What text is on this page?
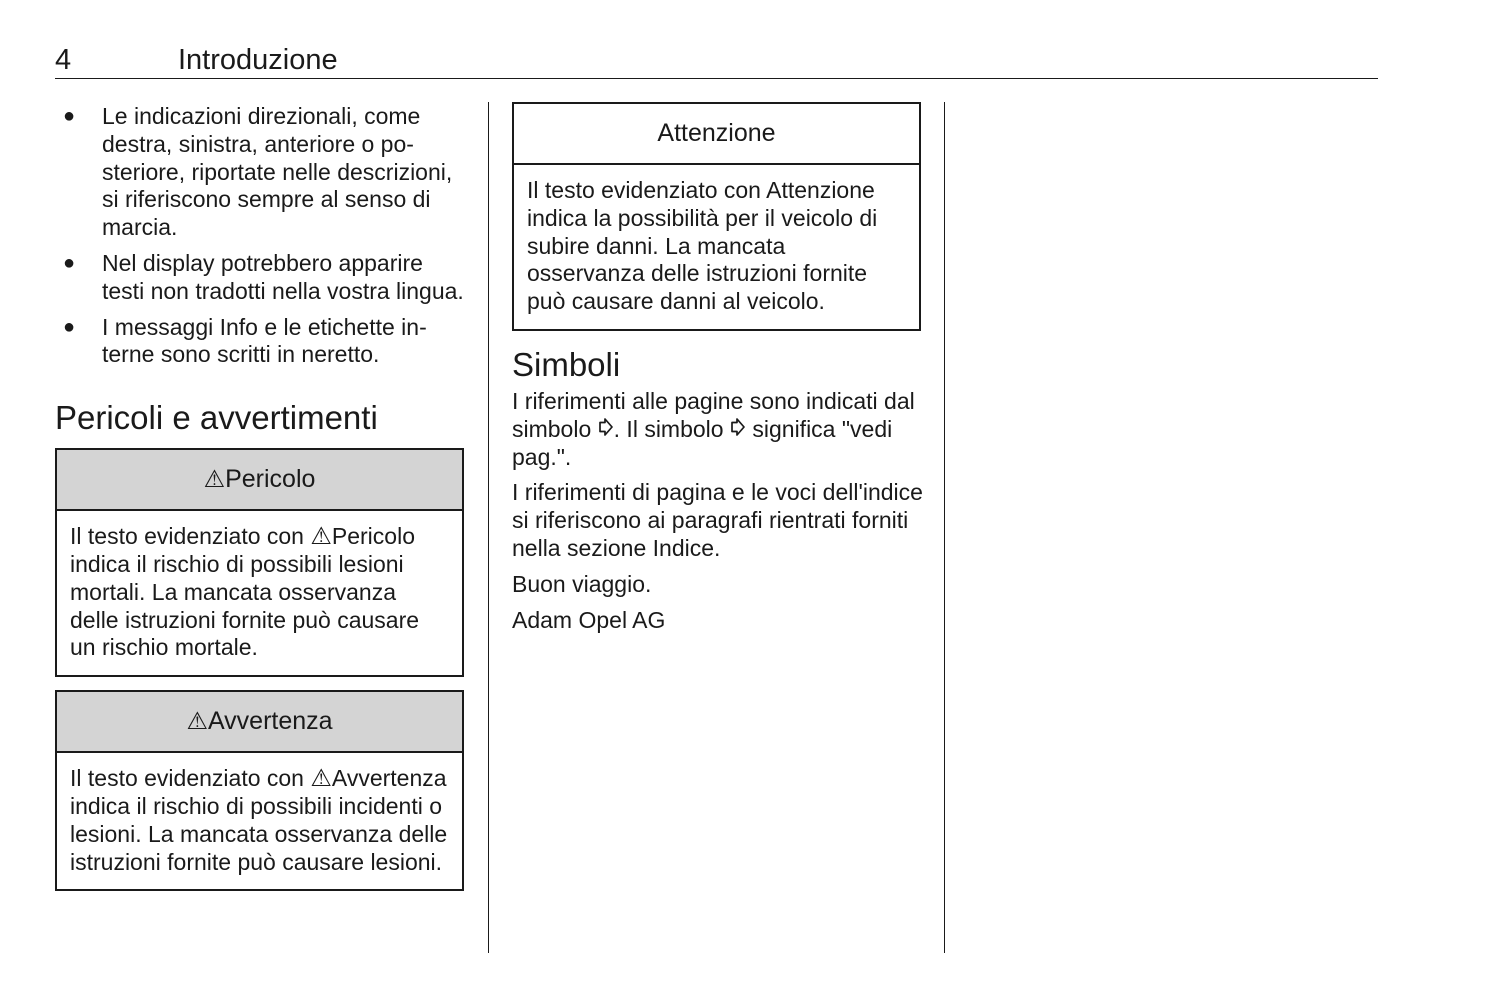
4	Introduzione
● Le indicazioni direzionali, come destra, sinistra, anteriore o posteriore, riportate nelle descrizioni, si riferiscono sempre al senso di marcia.
● Nel display potrebbero apparire testi non tradotti nella vostra lingua.
● I messaggi Info e le etichette interne sono scritti in neretto.
Pericoli e avvertimenti
⚠Pericolo
Il testo evidenziato con ⚠Pericolo indica il rischio di possibili lesioni mortali. La mancata osservanza delle istruzioni fornite può causare un rischio mortale.
⚠Avvertenza
Il testo evidenziato con ⚠Avvertenza indica il rischio di possibili incidenti o lesioni. La mancata osservanza delle istruzioni fornite può causare lesioni.
Attenzione
Il testo evidenziato con Attenzione indica la possibilità per il veicolo di subire danni. La mancata osservanza delle istruzioni fornite può causare danni al veicolo.
Simboli

I riferimenti alle pagine sono indicati dal simbolo . Il simbolo  significa "vedi pag.".

I riferimenti di pagina e le voci dell'indice si riferiscono ai paragrafi rientrati forniti nella sezione Indice.

Buon viaggio.

Adam Opel AG
